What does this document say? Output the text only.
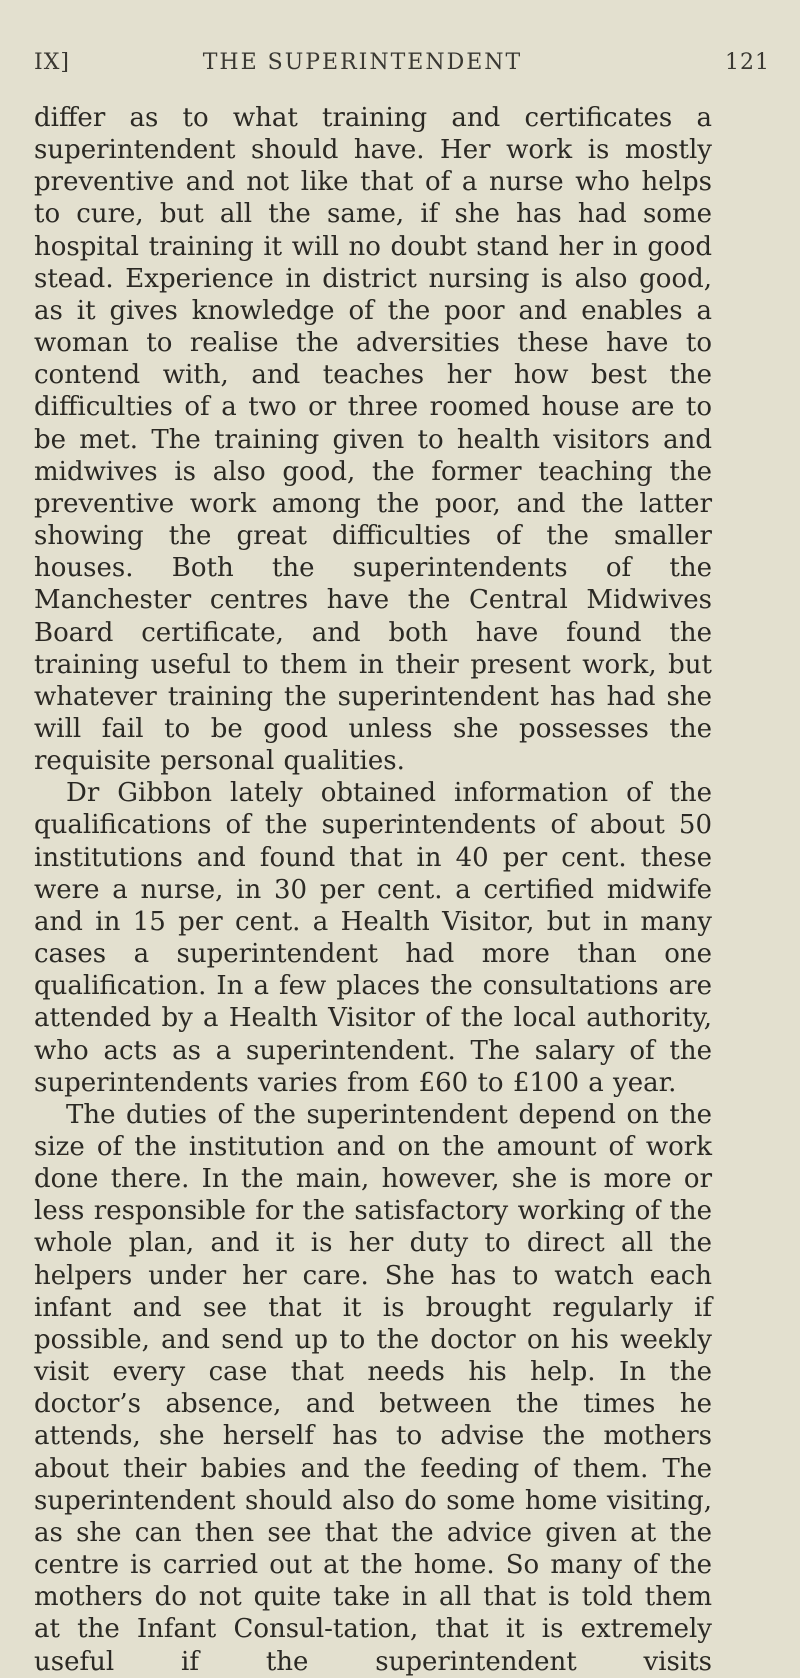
IX]	THE SUPERINTENDENT	121

differ as to what training and certificates a superintendent should have. Her work is mostly preventive and not like that of a nurse who helps to cure, but all the same, if she has had some hospital training it will no doubt stand her in good stead. Experience in district nursing is also good, as it gives knowledge of the poor and enables a woman to realise the adversities these have to contend with, and teaches her how best the difficulties of a two or three roomed house are to be met. The training given to health visitors and midwives is also good, the former teaching the preventive work among the poor, and the latter showing the great difficulties of the smaller houses. Both the superintendents of the Manchester centres have the Central Midwives Board certificate, and both have found the training useful to them in their present work, but whatever training the superintendent has had she will fail to be good unless she possesses the requisite personal qualities.

Dr Gibbon lately obtained information of the qualifications of the superintendents of about 50 institutions and found that in 40 per cent. these were a nurse, in 30 per cent. a certified midwife and in 15 per cent. a Health Visitor, but in many cases a superintendent had more than one qualification. In a few places the consultations are attended by a Health Visitor of the local authority, who acts as a superintendent. The salary of the superintendents varies from £60 to £100 a year.

The duties of the superintendent depend on the size of the institution and on the amount of work done there. In the main, however, she is more or less responsible for the satisfactory working of the whole plan, and it is her duty to direct all the helpers under her care. She has to watch each infant and see that it is brought regularly if possible, and send up to the doctor on his weekly visit every case that needs his help. In the doctor’s absence, and between the times he attends, she herself has to advise the mothers about their babies and the feeding of them. The superintendent should also do some home visiting, as she can then see that the advice given at the centre is carried out at the home. So many of the mothers do not quite take in all that is told them at the Infant Consul-tation, that it is extremely useful if the superintendent visits
